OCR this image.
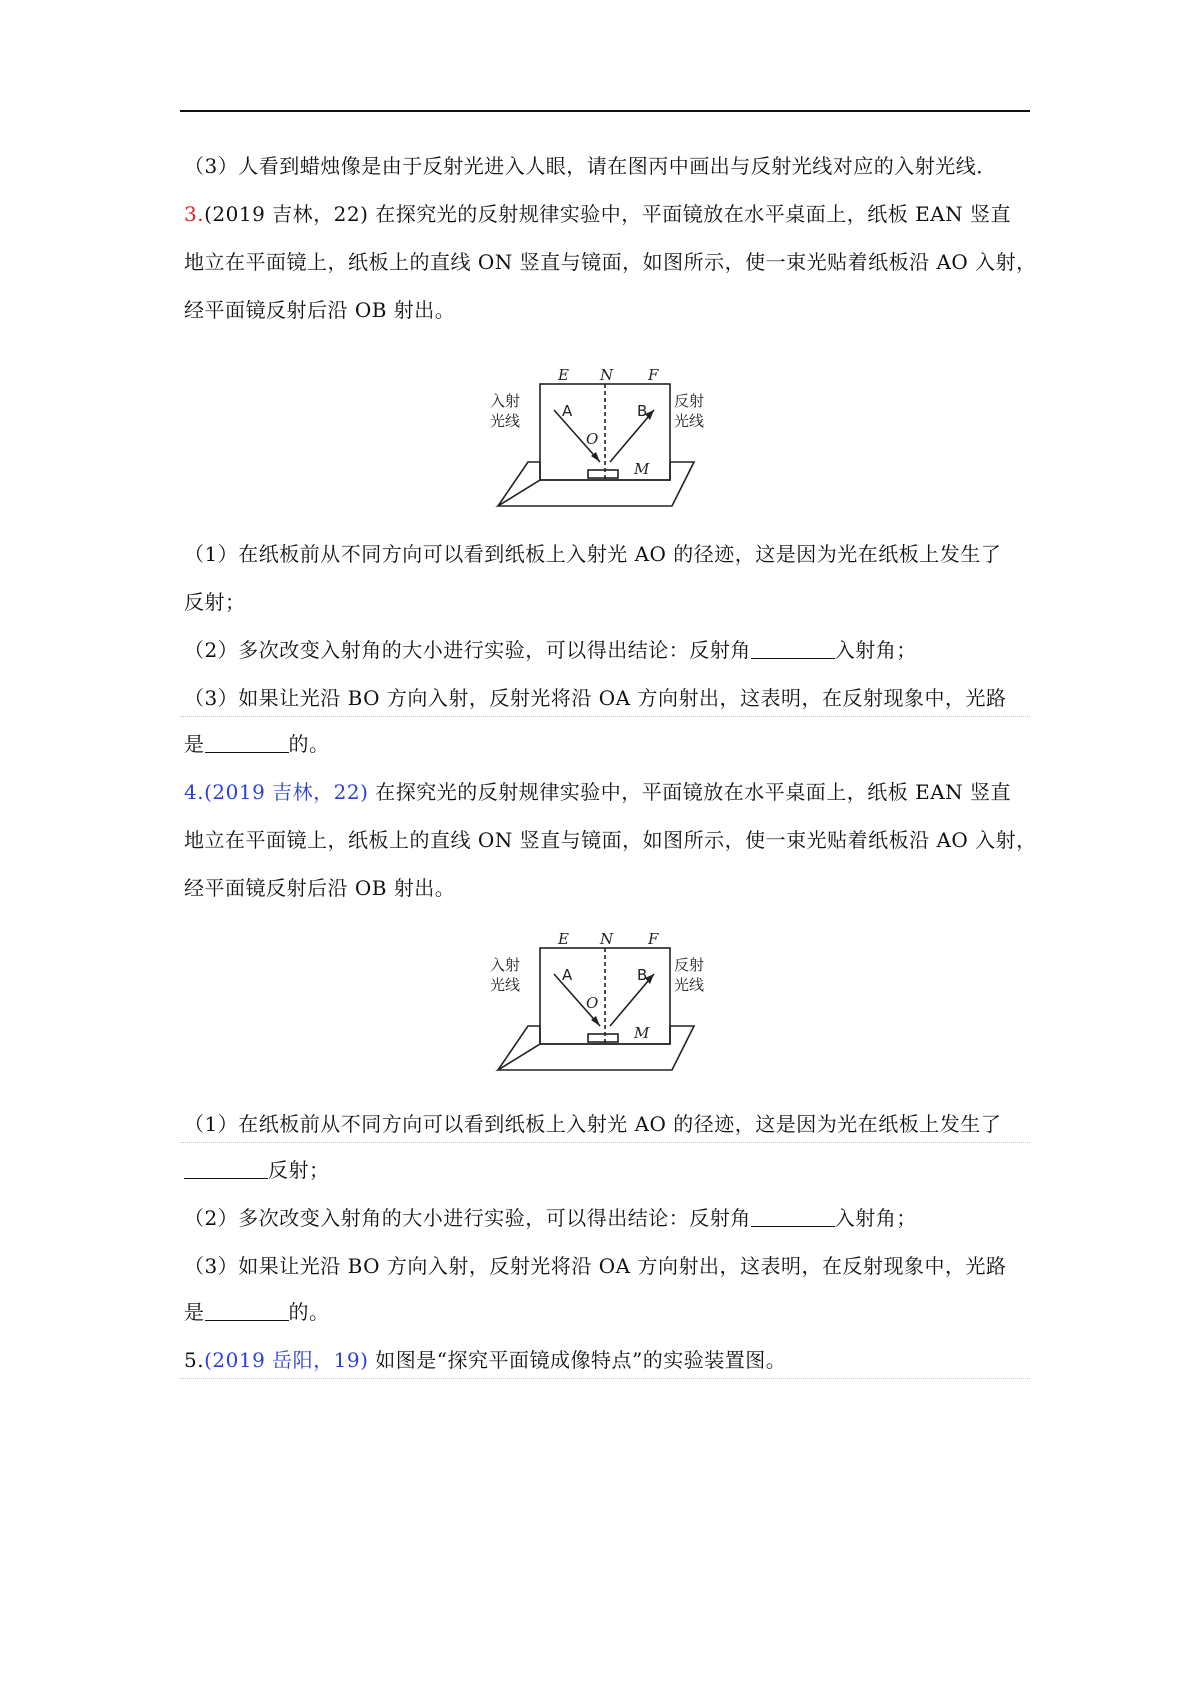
（3）人看到蜡烛像是由于反射光进入人眼，请在图丙中画出与反射光线对应的入射光线．
3.(2019 吉林，22) 在探究光的反射规律实验中，平面镜放在水平桌面上，纸板 EAN 竖直
地立在平面镜上，纸板上的直线 ON 竖直与镜面，如图所示，使一束光贴着纸板沿 AO 入射，
经平面镜反射后沿 OB 射出。
E N F
A	B
O
M
入射
光线
反射
光线
（1）在纸板前从不同方向可以看到纸板上入射光 AO 的径迹，这是因为光在纸板上发生了
反射；
（2）多次改变入射角的大小进行实验，可以得出结论：反射角	入射角；
（3）如果让光沿 BO 方向入射，反射光将沿 OA 方向射出，这表明，在反射现象中，光路
是	的。
4.(2019 吉林，22) 在探究光的反射规律实验中，平面镜放在水平桌面上，纸板 EAN 竖直
地立在平面镜上，纸板上的直线 ON 竖直与镜面，如图所示，使一束光贴着纸板沿 AO 入射，
经平面镜反射后沿 OB 射出。
E N F
A	B
O
M
入射
光线
反射
光线
（1）在纸板前从不同方向可以看到纸板上入射光 AO 的径迹，这是因为光在纸板上发生了
反射；
（2）多次改变入射角的大小进行实验，可以得出结论：反射角	入射角；
（3）如果让光沿 BO 方向入射，反射光将沿 OA 方向射出，这表明，在反射现象中，光路
是	的。
5.(2019 岳阳，19) 如图是“探究平面镜成像特点”的实验装置图。
